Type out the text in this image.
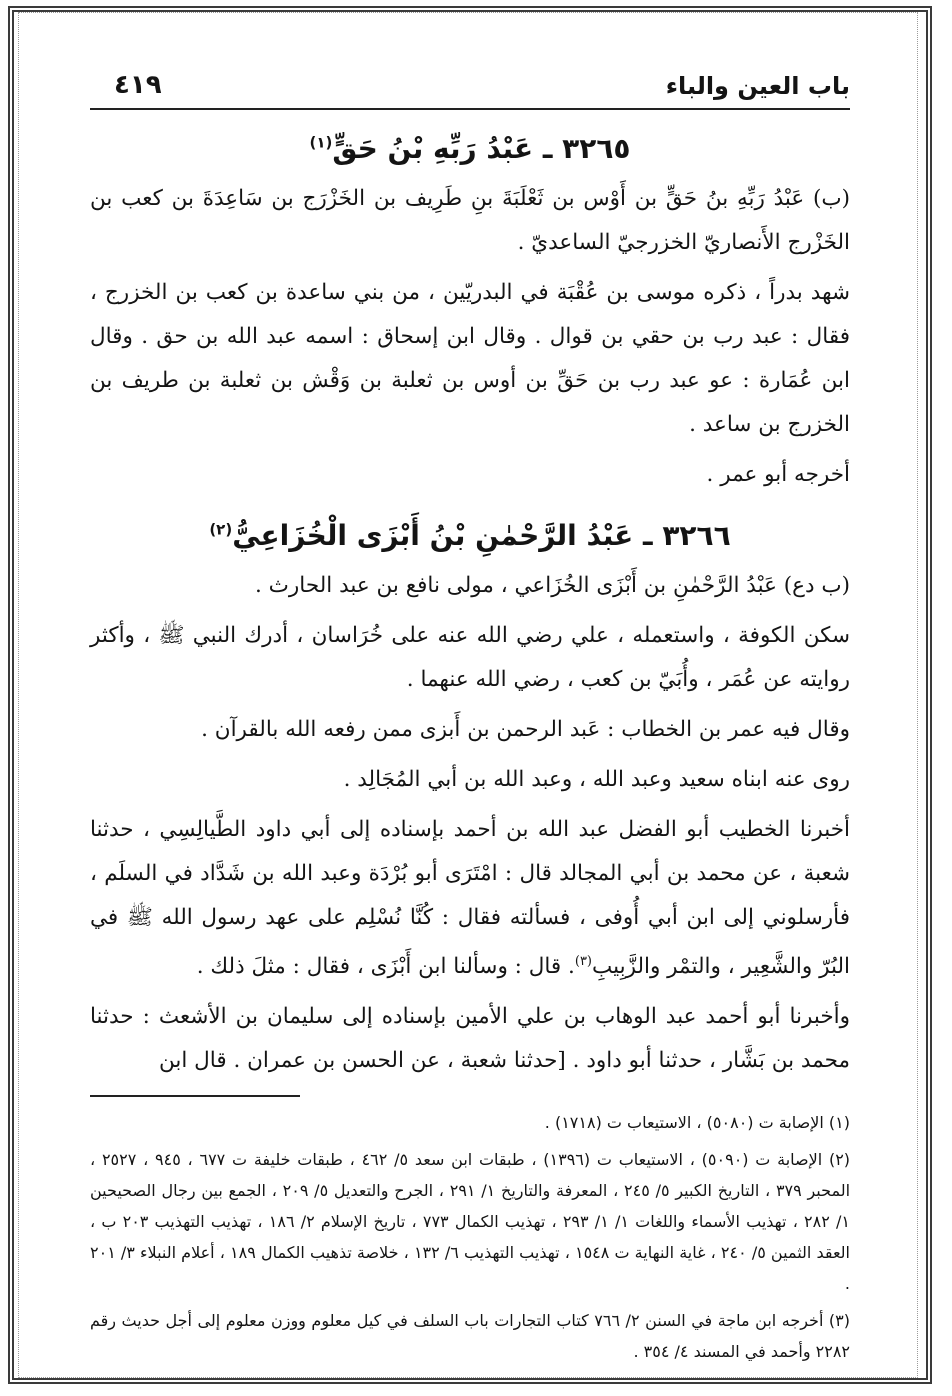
باب العين والباء
٤١٩
٣٢٦٥ ـ عَبْدُ رَبِّهِ بْنُ حَقٍّ$^{(١)}$

(ب) عَبْدُ رَبِّهِ بنُ حَقٍّ بن أَوْس بن ثَعْلَبَةَ بنِ طَرِيف بن الخَزْرَج بن سَاعِدَةَ بن كعب بن الخَزْرج الأَنصاريّ الخزرجيّ الساعديّ .

شهد بدراً ، ذكره موسى بن عُقْبَة في البدريّين ، من بني ساعدة بن كعب بن الخزرج ، فقال : عبد رب بن حقي بن قوال . وقال ابن إسحاق : اسمه عبد الله بن حق . وقال ابن عُمَارة : عو عبد رب بن حَقِّ بن أوس بن ثعلبة بن وَقْش بن ثعلبة بن طريف بن الخزرج بن ساعد .

أخرجه أبو عمر .

٣٢٦٦ ـ عَبْدُ الرَّحْمٰنِ بْنُ أَبْزَى الْخُزَاعِيُّ$^{(٢)}$

(ب دع) عَبْدُ الرَّحْمٰنِ بن أَبْزَى الخُزَاعي ، مولى نافع بن عبد الحارث .

سكن الكوفة ، واستعمله ، علي رضي الله عنه على خُرَاسان ، أدرك النبي ﷺ ، وأكثر روايته عن عُمَر ، وأُبَيّ بن كعب ، رضي الله عنهما .

وقال فيه عمر بن الخطاب : عَبد الرحمن بن أَبزى ممن رفعه الله بالقرآن .

روى عنه ابناه سعيد وعبد الله ، وعبد الله بن أبي المُجَالِد .

أخبرنا الخطيب أبو الفضل عبد الله بن أحمد بإسناده إلى أبي داود الطَّيالِسِي ، حدثنا شعبة ، عن محمد بن أبي المجالد قال : امْتَرَى أبو بُرْدَة وعبد الله بن شَدَّاد في السلَم ، فأرسلوني إلى ابن أبي أُوفى ، فسألته فقال : كُنَّا نُسْلِم على عهد رسول الله ﷺ في البُرّ والشَّعِير ، والتمْر والزَّبِيبِ$^{(٣)}$. قال : وسألنا ابن أَبْزَى ، فقال : مثلَ ذلك .

وأخبرنا أبو أحمد عبد الوهاب بن علي الأمين بإسناده إلى سليمان بن الأشعث : حدثنا محمد بن بَشَّار ، حدثنا أبو داود . [حدثنا شعبة ، عن الحسن بن عمران . قال ابن

(١) الإصابة ت (٥٠٨٠) ، الاستيعاب ت (١٧١٨) .

(٢) الإصابة ت (٥٠٩٠) ، الاستيعاب ت (١٣٩٦) ، طبقات ابن سعد ٥/ ٤٦٢ ، طبقات خليفة ت ٦٧٧ ، ٩٤٥ ، ٢٥٢٧ ، المحبر ٣٧٩ ، التاريخ الكبير ٥/ ٢٤٥ ، المعرفة والتاريخ ١/ ٢٩١ ، الجرح والتعديل ٥/ ٢٠٩ ، الجمع بين رجال الصحيحين ١/ ٢٨٢ ، تهذيب الأسماء واللغات ١/ ١/ ٢٩٣ ، تهذيب الكمال ٧٧٣ ، تاريخ الإسلام ٢/ ١٨٦ ، تهذيب التهذيب ٢٠٣ ب ، العقد الثمين ٥/ ٢٤٠ ، غاية النهاية ت ١٥٤٨ ، تهذيب التهذيب ٦/ ١٣٢ ، خلاصة تذهيب الكمال ١٨٩ ، أعلام النبلاء ٣/ ٢٠١ .

(٣) أخرجه ابن ماجة في السنن ٢/ ٧٦٦ كتاب التجارات باب السلف في كيل معلوم ووزن معلوم إلى أجل حديث رقم ٢٢٨٢ وأحمد في المسند ٤/ ٣٥٤ .
